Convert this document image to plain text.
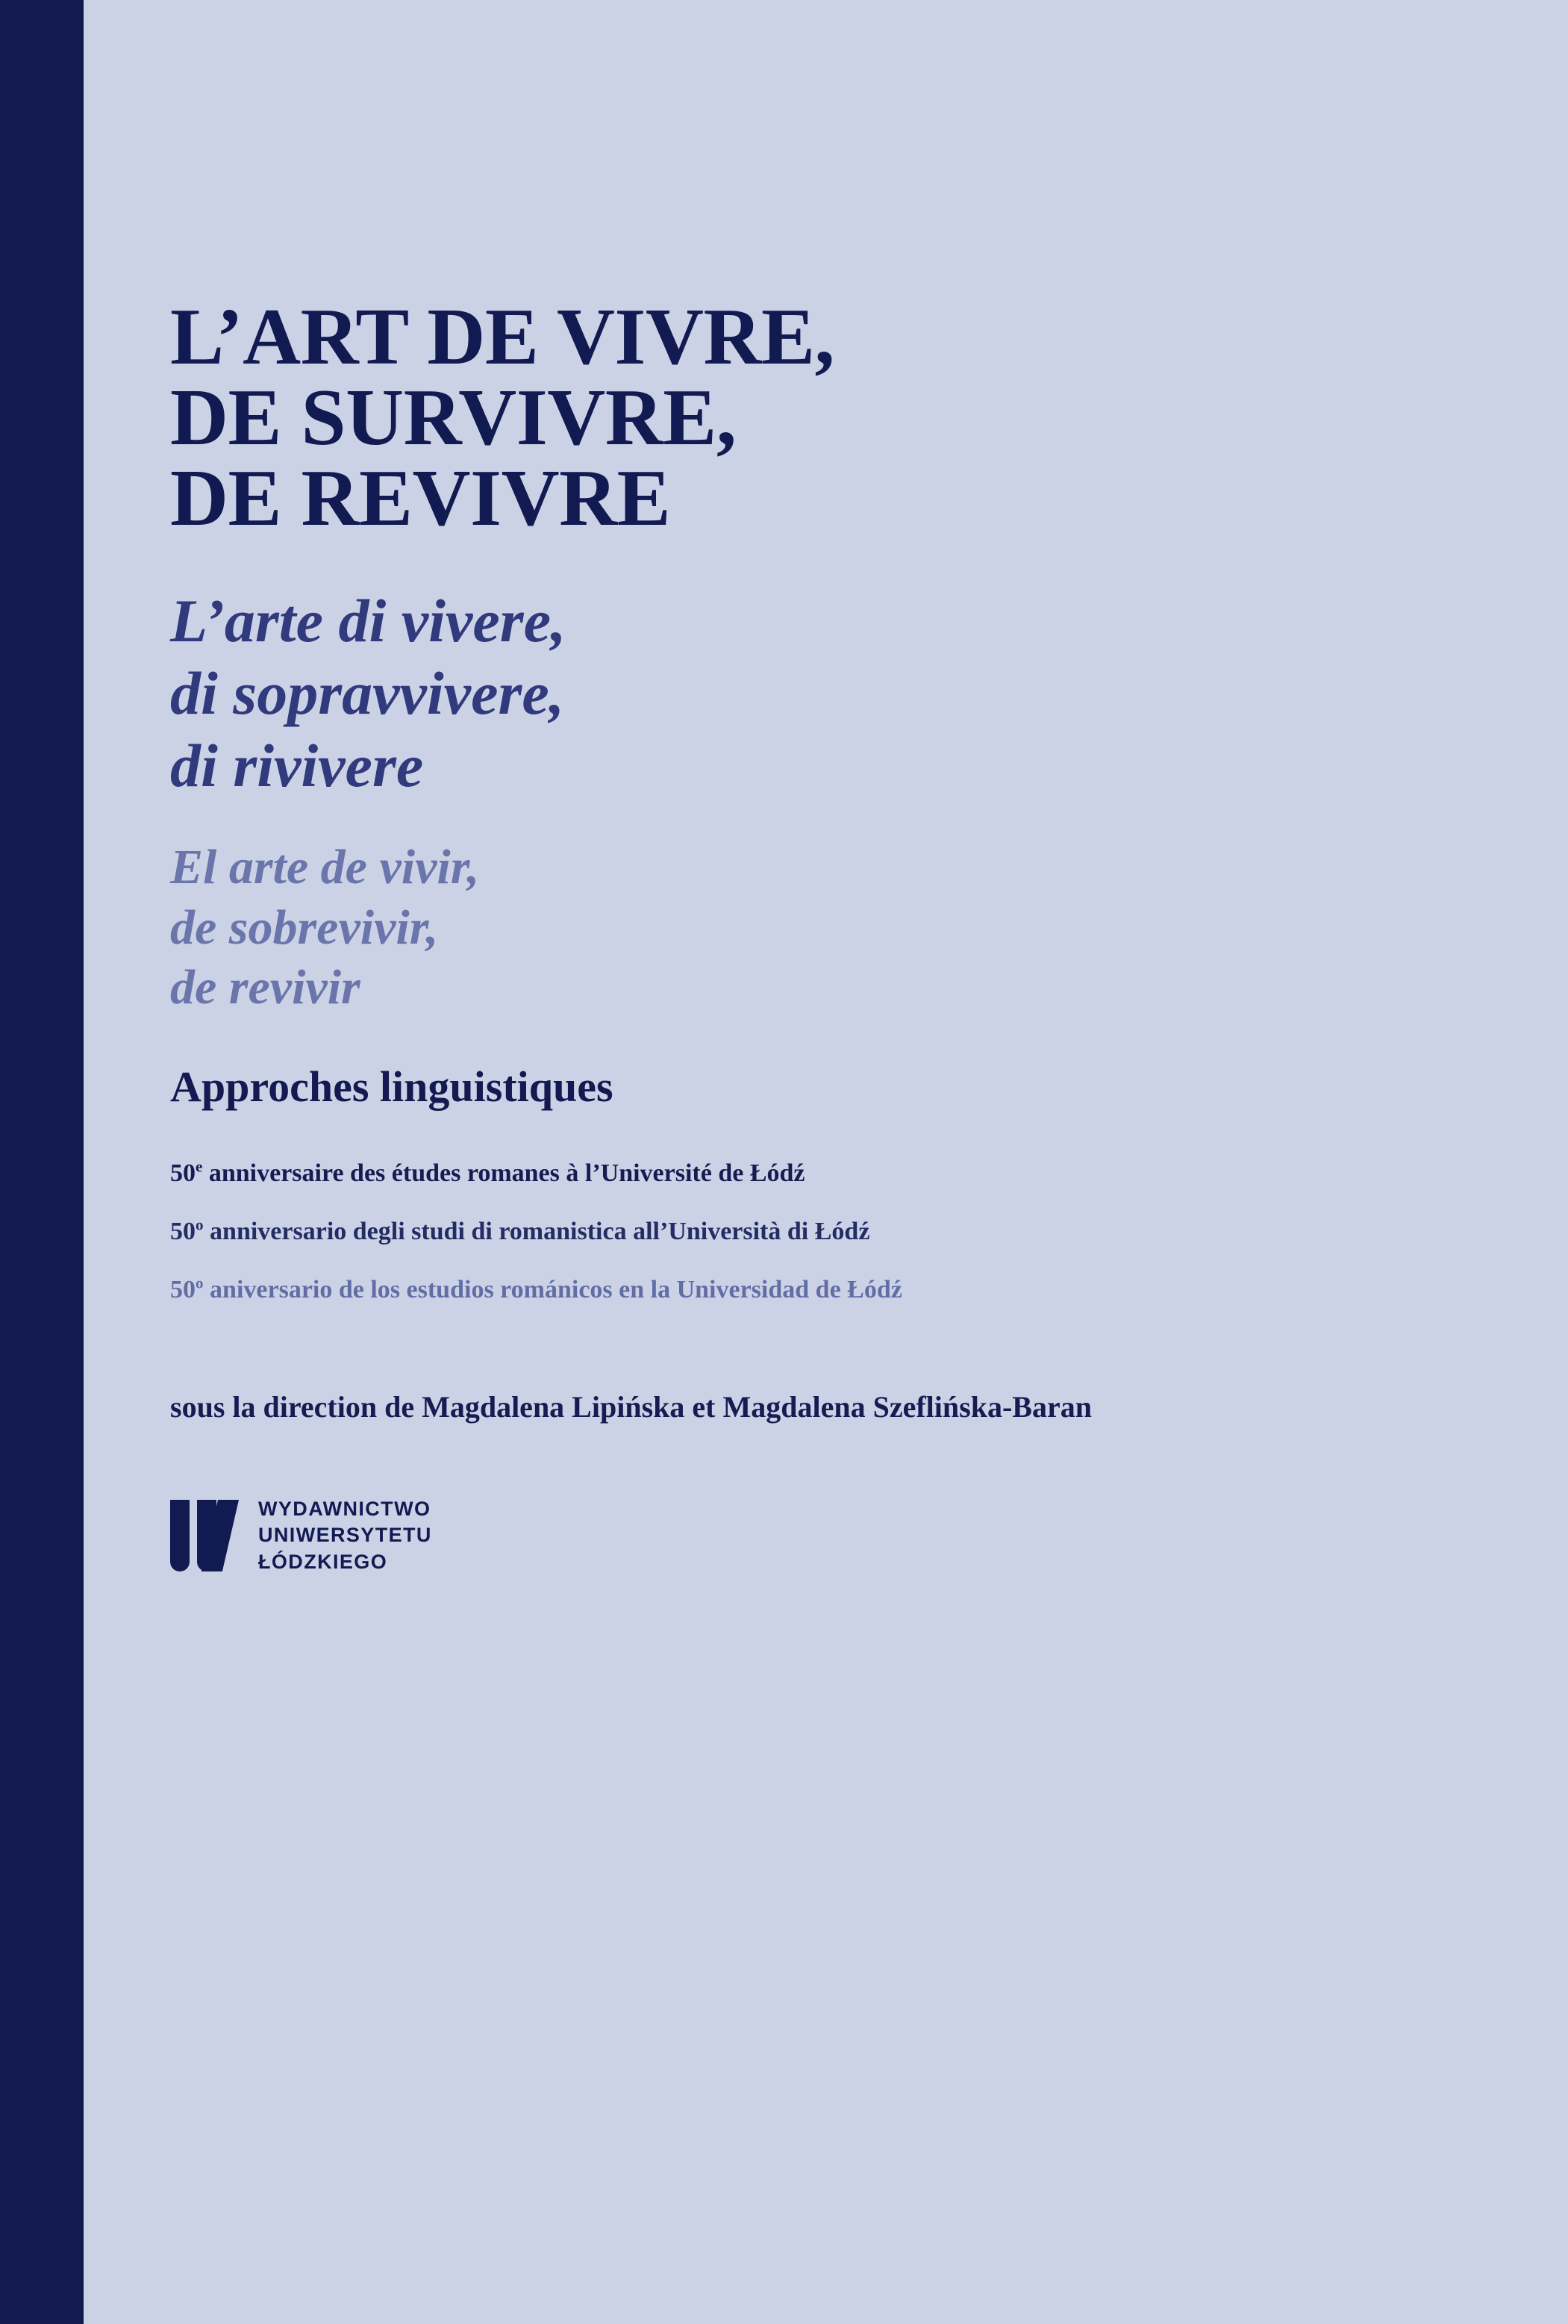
L’ART DE VIVRE,
DE SURVIVRE,
DE REVIVRE
L’arte di vivere,
di sopravvivere,
di rivivere
El arte de vivir,
de sobrevivir,
de revivir
Approches linguistiques
50e anniversaire des études romanes à l’Université de Łódź
50$^o$ anniversario degli studi di romanistica all’Università di Łódź
50$^o$ aniversario de los estudios románicos en la Universidad de Łódź
sous la direction de Magdalena Lipińska et Magdalena Szeflińska-Baran
WYDAWNICTWO
UNIWERSYTETU
ŁÓDZKIEGO
